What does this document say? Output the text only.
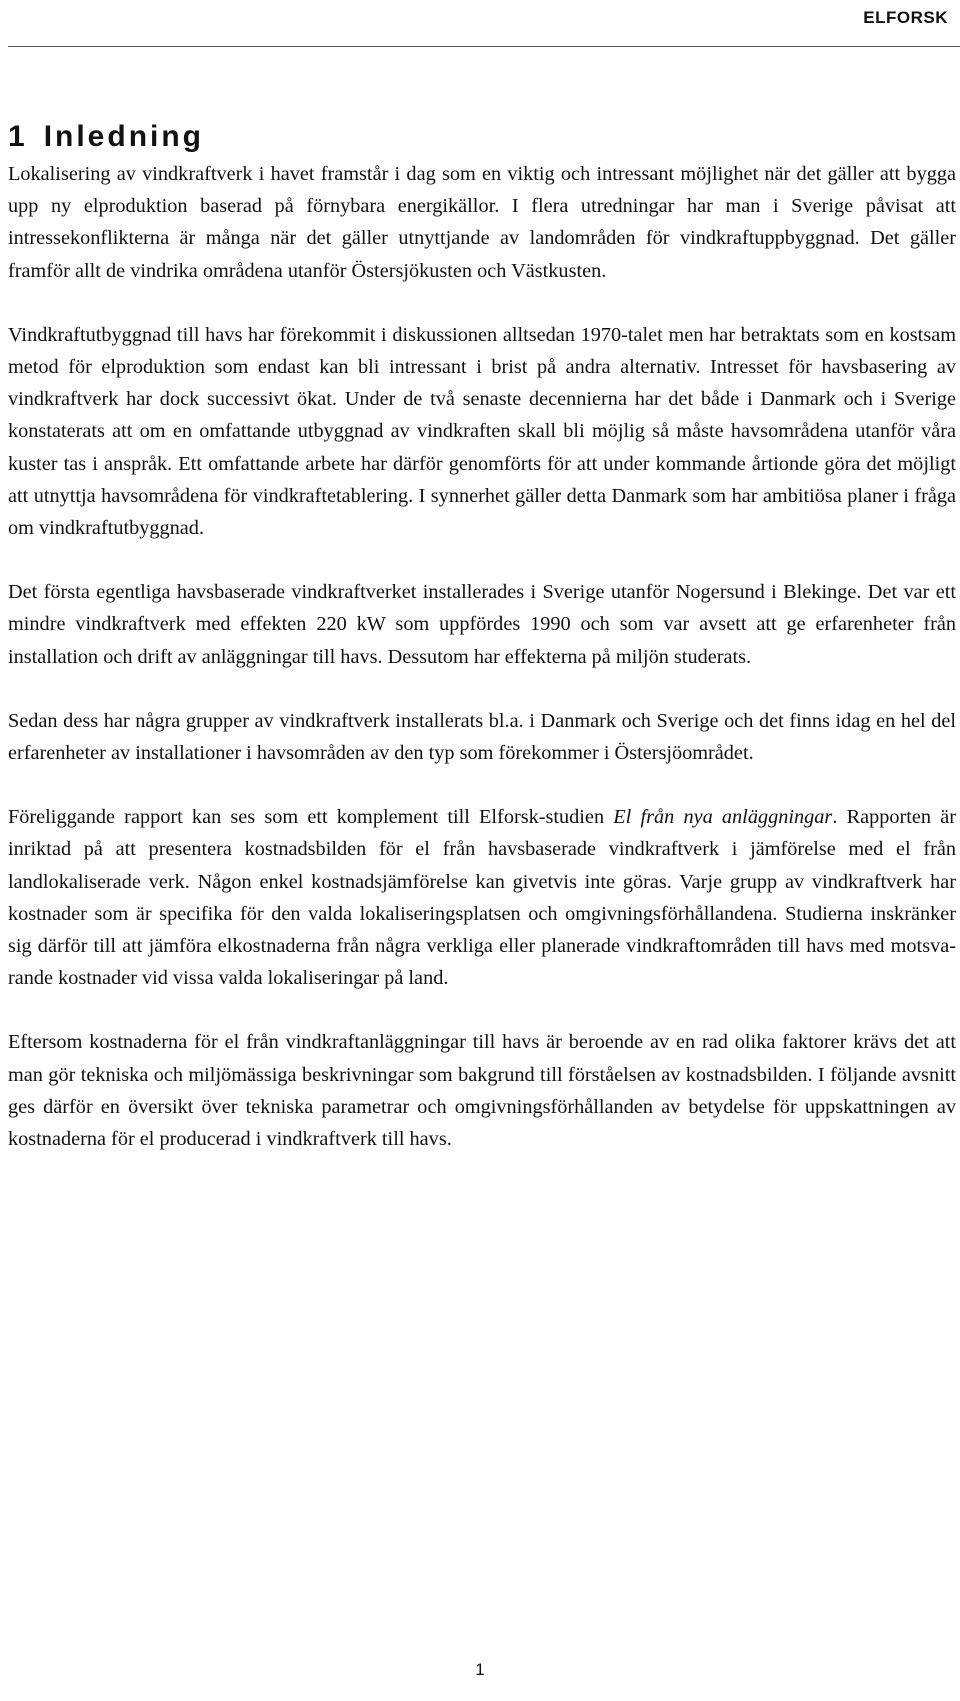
ELFORSK
1 Inledning

Lokalisering av vindkraftverk i havet framstår i dag som en viktig och intressant möjlighet när det gäller att bygga upp ny elproduktion baserad på förnybara energikällor. I flera utredningar har man i Sverige påvisat att intressekonflikterna är många när det gäller utnyttjande av landområden för vindkraftuppbyggnad. Det gäller framför allt de vindrika områdena utanför Östersjökusten och Västkusten.

Vindkraftutbyggnad till havs har förekommit i diskussionen alltsedan 1970-talet men har betraktats som en kostsam metod för elproduktion som endast kan bli intressant i brist på andra alternativ. Intresset för havsbasering av vindkraftverk har dock successivt ökat. Under de två senaste decennierna har det både i Danmark och i Sverige konstaterats att om en omfattande utbyggnad av vindkraften skall bli möjlig så måste havsområdena utanför våra kuster tas i anspråk. Ett omfattande arbete har därför genomförts för att under kommande årtionde göra det möjligt att utnyttja havsområdena för vindkraftetablering. I synnerhet gäller detta Danmark som har ambitiösa planer i fråga om vindkraftutbyggnad.

Det första egentliga havsbaserade vindkraftverket installerades i Sverige utanför Nogersund i Blekinge. Det var ett mindre vindkraftverk med effekten 220 kW som uppfördes 1990 och som var avsett att ge erfarenheter från installation och drift av anläggningar till havs. Dessutom har effekterna på miljön studerats.

Sedan dess har några grupper av vindkraftverk installerats bl.a. i Danmark och Sverige och det finns idag en hel del erfarenheter av installationer i havsområden av den typ som förekommer i Östersjöområdet.

Föreliggande rapport kan ses som ett komplement till Elforsk-studien El från nya anläggningar. Rapporten är inriktad på att presentera kostnadsbilden för el från havsbaserade vindkraftverk i jämförelse med el från landlokaliserade verk. Någon enkel kostnadsjämförelse kan givetvis inte göras. Varje grupp av vindkraftverk har kostnader som är specifika för den valda lokaliseringsplatsen och omgivningsförhållandena. Studierna inskränker sig därför till att jämföra elkostnaderna från några verkliga eller planerade vindkraftområden till havs med motsvarande kostnader vid vissa valda lokaliseringar på land.

Eftersom kostnaderna för el från vindkraftanläggningar till havs är beroende av en rad olika faktorer krävs det att man gör tekniska och miljömässiga beskrivningar som bakgrund till förståelsen av kostnadsbilden. I följande avsnitt ges därför en översikt över tekniska parametrar och omgivningsförhållanden av betydelse för uppskattningen av kostnaderna för el producerad i vindkraftverk till havs.

1
